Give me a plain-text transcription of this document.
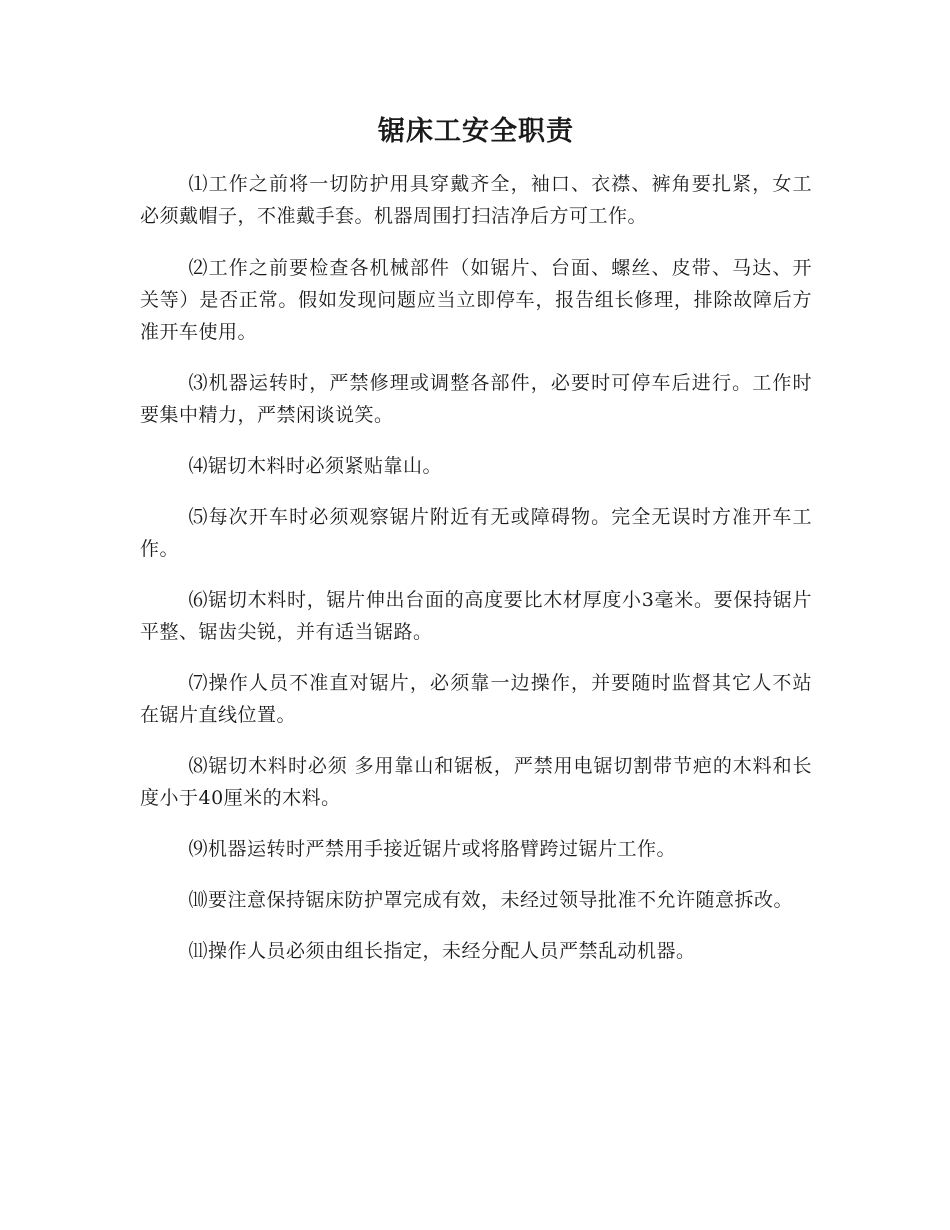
锯床工安全职责

⑴工作之前将一切防护用具穿戴齐全，袖口、衣襟、裤角要扎紧，女工必须戴帽子，不准戴手套。机器周围打扫洁净后方可工作。

⑵工作之前要检查各机械部件（如锯片、台面、螺丝、皮带、马达、开关等）是否正常。假如发现问题应当立即停车，报告组长修理，排除故障后方准开车使用。

⑶机器运转时，严禁修理或调整各部件，必要时可停车后进行。工作时要集中精力，严禁闲谈说笑。

⑷锯切木料时必须紧贴靠山。

⑸每次开车时必须观察锯片附近有无或障碍物。完全无误时方准开车工作。

⑹锯切木料时，锯片伸出台面的高度要比木材厚度小3毫米。要保持锯片平整、锯齿尖锐，并有适当锯路。

⑺操作人员不准直对锯片，必须靠一边操作，并要随时监督其它人不站在锯片直线位置。

⑻锯切木料时必须 多用靠山和锯板，严禁用电锯切割带节疤的木料和长度小于40厘米的木料。

⑼机器运转时严禁用手接近锯片或将胳臂跨过锯片工作。

⑽要注意保持锯床防护罩完成有效，未经过领导批准不允许随意拆改。

⑾操作人员必须由组长指定，未经分配人员严禁乱动机器。
